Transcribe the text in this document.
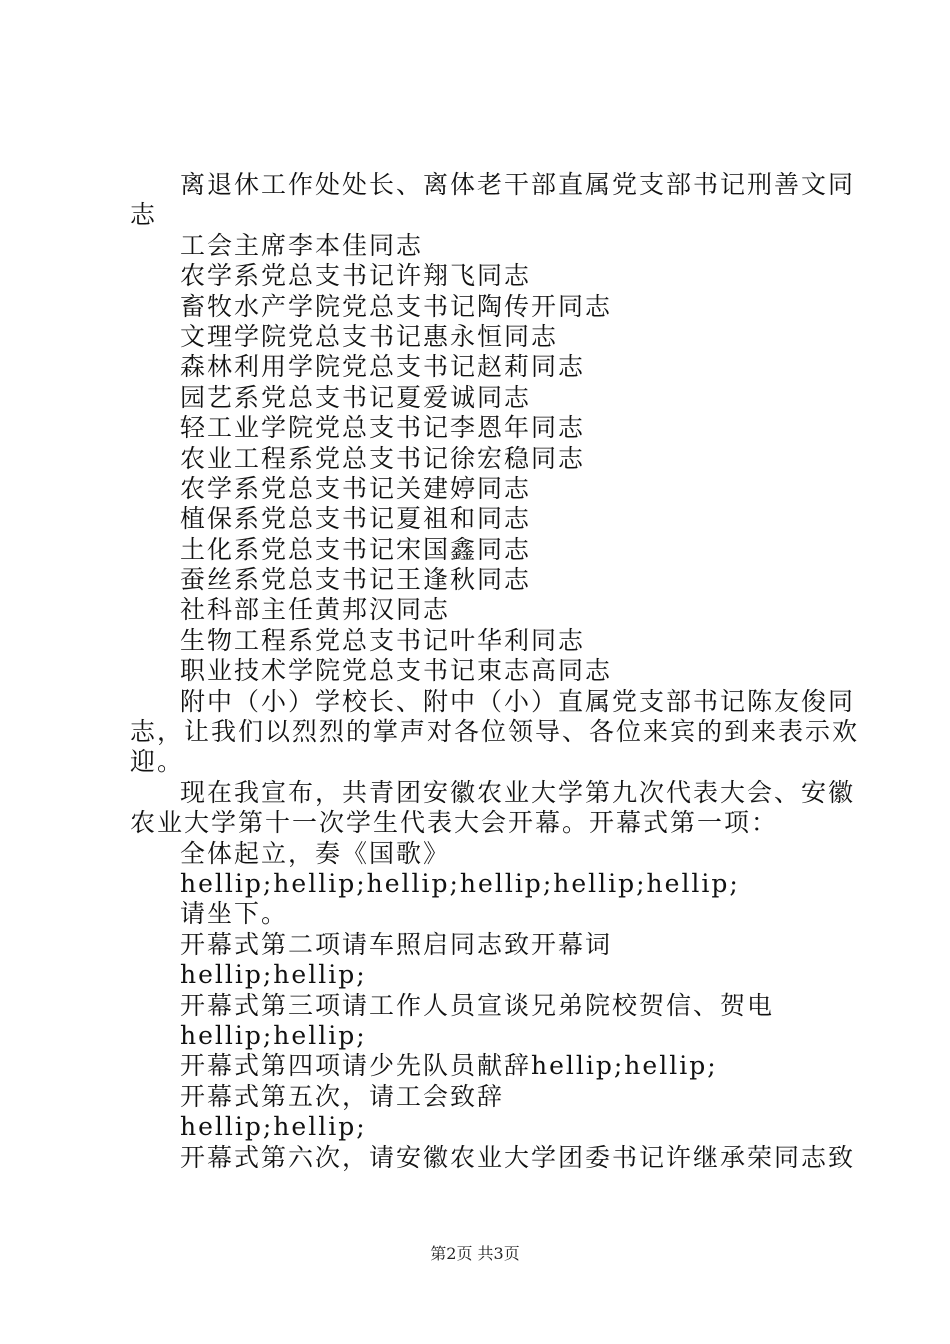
离退休工作处处长、离体老干部直属党支部书记刑善文同
志
工会主席李本佳同志
农学系党总支书记许翔飞同志
畜牧水产学院党总支书记陶传开同志
文理学院党总支书记惠永恒同志
森林利用学院党总支书记赵莉同志
园艺系党总支书记夏爱诚同志
轻工业学院党总支书记李恩年同志
农业工程系党总支书记徐宏稳同志
农学系党总支书记关建婷同志
植保系党总支书记夏祖和同志
土化系党总支书记宋国鑫同志
蚕丝系党总支书记王逢秋同志
社科部主任黄邦汉同志
生物工程系党总支书记叶华利同志
职业技术学院党总支书记束志高同志
附中（小）学校长、附中（小）直属党支部书记陈友俊同
志，让我们以烈烈的掌声对各位领导、各位来宾的到来表示欢
迎。
现在我宣布，共青团安徽农业大学第九次代表大会、安徽
农业大学第十一次学生代表大会开幕。开幕式第一项：
全体起立，奏《国歌》
hellip;hellip;hellip;hellip;hellip;hellip;
请坐下。
开幕式第二项请车照启同志致开幕词
hellip;hellip;
开幕式第三项请工作人员宣谈兄弟院校贺信、贺电
hellip;hellip;
开幕式第四项请少先队员献辞hellip;hellip;
开幕式第五次，请工会致辞
hellip;hellip;
开幕式第六次，请安徽农业大学团委书记许继承荣同志致
第2页 共3页
